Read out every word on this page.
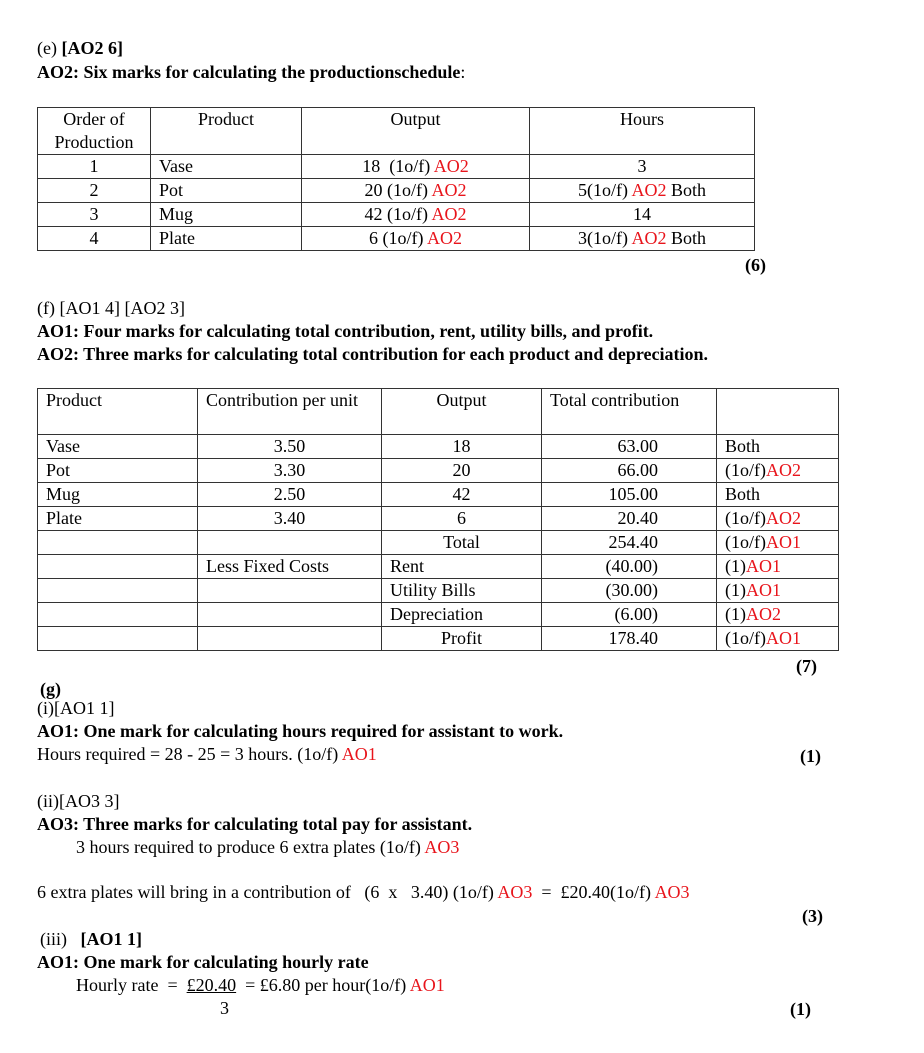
(e) [AO2 6]
AO2: Six marks for calculating the productionschedule:
Order of Production	Product	Output	Hours
1	Vase	18  (1o/f) AO2	3
2	Pot	20 (1o/f) AO2	5(1o/f) AO2 Both
3	Mug	42 (1o/f) AO2	14
4	Plate	6 (1o/f) AO2	3(1o/f) AO2 Both
(6)
(f) [AO1 4] [AO2 3]
AO1: Four marks for calculating total contribution, rent, utility bills, and profit.
AO2: Three marks for calculating total contribution for each product and depreciation.
Product	Contribution per unit	Output	Total contribution	
Vase	3.50	18	63.00	Both
Pot	3.30	20	66.00	(1o/f)AO2
Mug	2.50	42	105.00	Both
Plate	3.40	6	20.40	(1o/f)AO2
		Total	254.40	(1o/f)AO1
	Less Fixed Costs	Rent	(40.00)	(1)AO1
		Utility Bills	(30.00)	(1)AO1
		Depreciation	(6.00)	(1)AO2
		Profit	178.40	(1o/f)AO1
(7)
(g)
(i)[AO1 1]
AO1: One mark for calculating hours required for assistant to work.
Hours required = 28 - 25 = 3 hours. (1o/f) AO1	(1)
(ii)[AO3 3]
AO3: Three marks for calculating total pay for assistant.
3 hours required to produce 6 extra plates (1o/f) AO3
6 extra plates will bring in a contribution of   (6  x   3.40) (1o/f) AO3  =  £20.40(1o/f) AO3
(3)
(iii)   [AO1 1]
AO1: One mark for calculating hourly rate
Hourly rate  =  £20.40  = £6.80 per hour(1o/f) AO1
3	(1)
